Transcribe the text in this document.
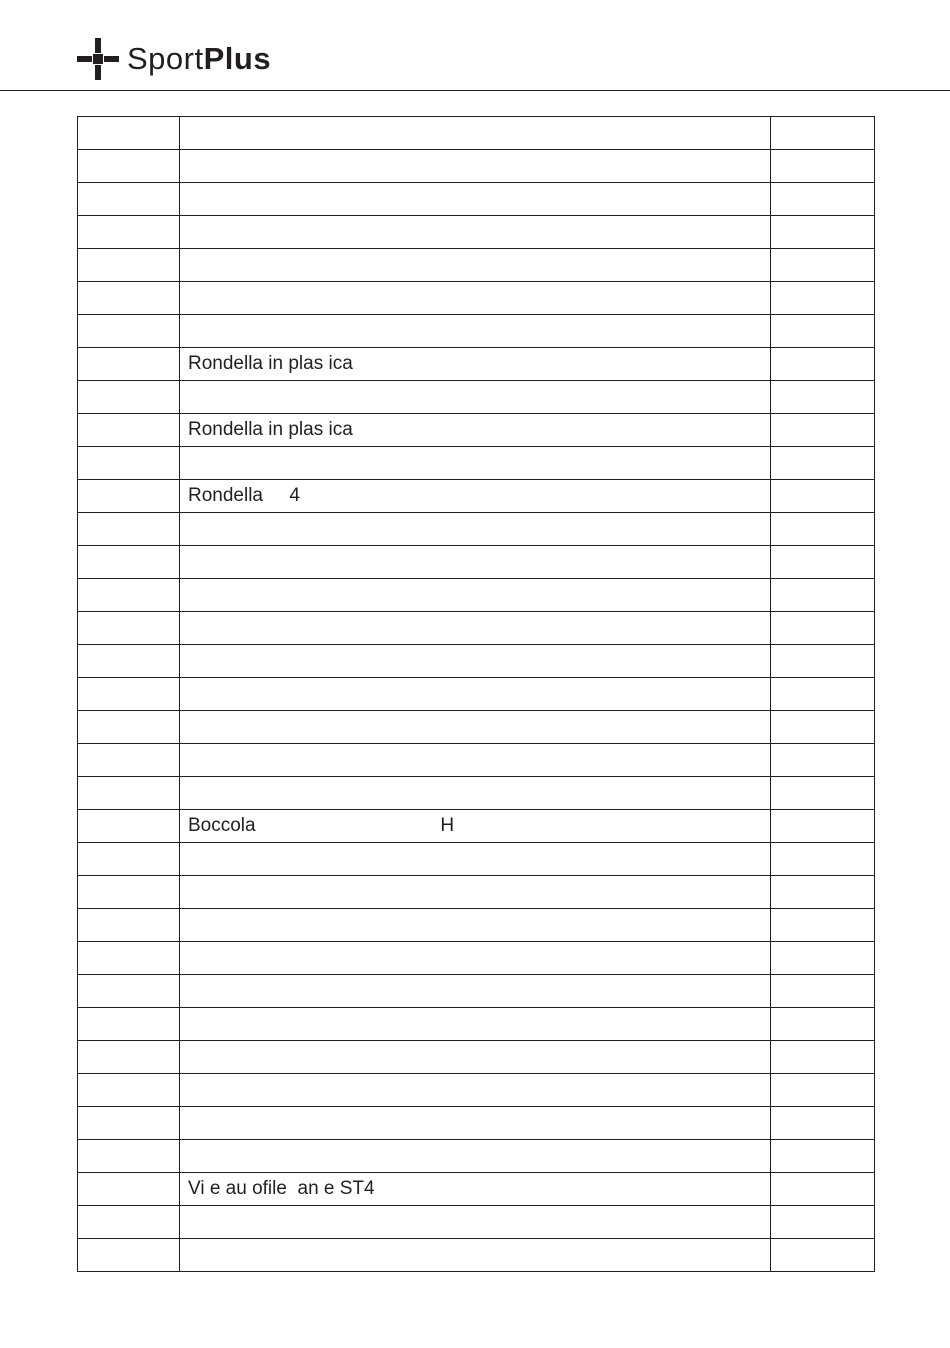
SportPlus

	Rondella in plas ica	

	Rondella in plas ica	

	Rondella     4	

	Boccola                                   H	

	Vi e au ofile  an e ST4	
